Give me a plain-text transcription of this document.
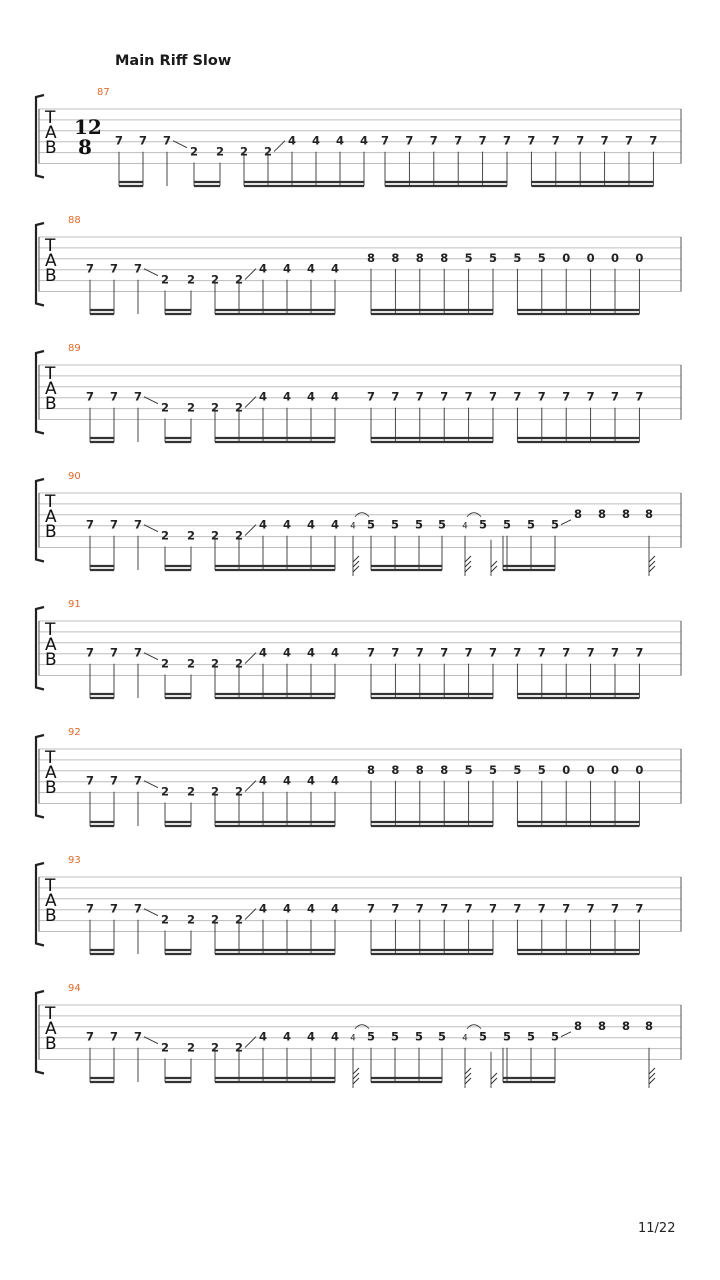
Main Riff Slow
T
A
B
87
12
8 7 7 7
2 2 2 2
4 4 4 4 7 7 7 7 7 7 7 7 7 7 7 7
T
A
B
88
7 7 7
2 2 2 2
4 4 4 4
8 8 8 8 5 5 5 5 0 0 0 0
T
A
B
89
7 7 7
2 2 2 2
4 4 4 4 7 7 7 7 7 7 7 7 7 7 7 7
T
A
B
90
7 7 7
2 2 2 2
4 4 4 4 4 5 5 5 5 4 5 5 5 5
8 8 8 8
T
A
B
91
7 7 7
2 2 2 2
4 4 4 4 7 7 7 7 7 7 7 7 7 7 7 7
T
A
B
92
7 7 7
2 2 2 2
4 4 4 4
8 8 8 8 5 5 5 5 0 0 0 0
T
A
B
93
7 7 7
2 2 2 2
4 4 4 4 7 7 7 7 7 7 7 7 7 7 7 7
T
A
B
94
7 7 7
2 2 2 2
4 4 4 4 4 5 5 5 5 4 5 5 5 5
8 8 8 8
11/22
